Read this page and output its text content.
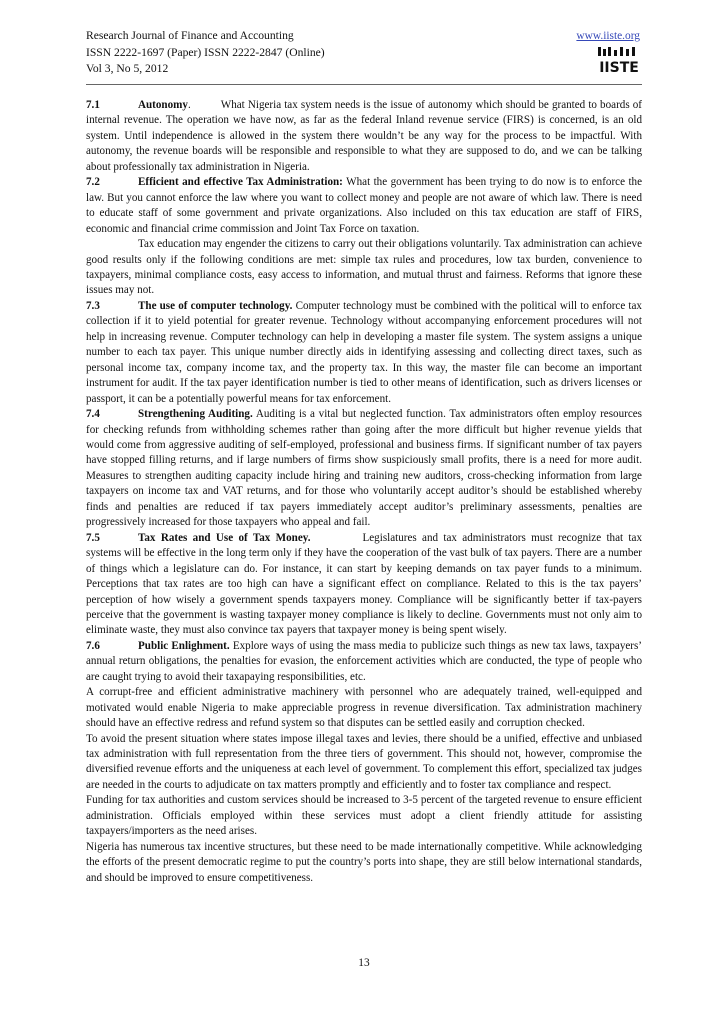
Research Journal of Finance and Accounting	www.iiste.org
ISSN 2222-1697 (Paper) ISSN 2222-2847 (Online)
Vol 3, No 5, 2012	IISTE

7.1	Autonomy.	What Nigeria tax system needs is the issue of autonomy which should be granted to boards of internal revenue. The operation we have now, as far as the federal Inland revenue service (FIRS) is concerned, is an old system. Until independence is allowed in the system there wouldn’t be any way for the process to be impactful. With autonomy, the revenue boards will be responsible and responsible to what they are supposed to do, and we can be talking about professionally tax administration in Nigeria.

7.2	Efficient and effective Tax Administration: What the government has been trying to do now is to enforce the law. But you cannot enforce the law where you want to collect money and people are not aware of which law. There is need to educate staff of some government and private organizations. Also included on this tax education are staff of FIRS, economic and financial crime commission and Joint Tax Force on taxation.

Tax education may engender the citizens to carry out their obligations voluntarily. Tax administration can achieve good results only if the following conditions are met: simple tax rules and procedures, low tax burden, convenience to taxpayers, minimal compliance costs, easy access to information, and mutual thrust and fairness. Reforms that ignore these issues may not.

7.3	The use of computer technology. Computer technology must be combined with the political will to enforce tax collection if it to yield potential for greater revenue. Technology without accompanying enforcement procedures will not help in increasing revenue. Computer technology can help in developing a master file system. The system assigns a unique number to each tax payer. This unique number directly aids in identifying assessing and collecting direct taxes, such as personal income tax, company income tax, and the property tax. In this way, the master file can become an important instrument for audit. If the tax payer identification number is tied to other means of identification, such as drivers licenses or passport, it can be a potentially powerful means for tax enforcement.

7.4	Strengthening Auditing. Auditing is a vital but neglected function. Tax administrators often employ resources for checking refunds from withholding schemes rather than going after the more difficult but higher revenue yields that would come from aggressive auditing of self-employed, professional and business firms. If significant number of tax payers have stopped filling returns, and if large numbers of firms show suspiciously small profits, there is a need for more audit. Measures to strengthen auditing capacity include hiring and training new auditors, cross-checking information from large taxpayers on income tax and VAT returns, and for those who voluntarily accept auditor’s should be established whereby finds and penalties are reduced if tax payers immediately accept auditor’s preliminary assessments, penalties are progressively increased for those taxpayers who appeal and fail.

7.5	Tax Rates and Use of Tax Money.	Legislatures and tax administrators must recognize that tax systems will be effective in the long term only if they have the cooperation of the vast bulk of tax payers. There are a number of things which a legislature can do. For instance, it can start by keeping demands on tax payer funds to a minimum. Perceptions that tax rates are too high can have a significant effect on compliance. Related to this is the tax payers’ perception of how wisely a government spends taxpayers money. Compliance will be significantly better if tax-payers perceive that the government is wasting taxpayer money compliance is likely to decline. Governments must not only aim to eliminate waste, they must also convince tax payers that taxpayer money is being spent wisely.

7.6	Public Enlighment. Explore ways of using the mass media to publicize such things as new tax laws, taxpayers’ annual return obligations, the penalties for evasion, the enforcement activities which are conducted, the type of people who are caught trying to avoid their taxapaying responsibilities, etc.

A corrupt-free and efficient administrative machinery with personnel who are adequately trained, well-equipped and motivated would enable Nigeria to make appreciable progress in revenue diversification. Tax administration machinery should have an effective redress and refund system so that disputes can be settled easily and corruption checked.

To avoid the present situation where states impose illegal taxes and levies, there should be a unified, effective and unbiased tax administration with full representation from the three tiers of government. This should not, however, compromise the diversified revenue efforts and the uniqueness at each level of government. To complement this effort, specialized tax judges are needed in the courts to adjudicate on tax matters promptly and efficiently and to foster tax compliance and respect.

Funding for tax authorities and custom services should be increased to 3-5 percent of the targeted revenue to ensure efficient administration. Officials employed within these services must adopt a client friendly attitude for assisting taxpayers/importers as the need arises.

Nigeria has numerous tax incentive structures, but these need to be made internationally competitive. While acknowledging the efforts of the present democratic regime to put the country’s ports into shape, they are still below international standards, and should be improved to ensure competitiveness.

13
